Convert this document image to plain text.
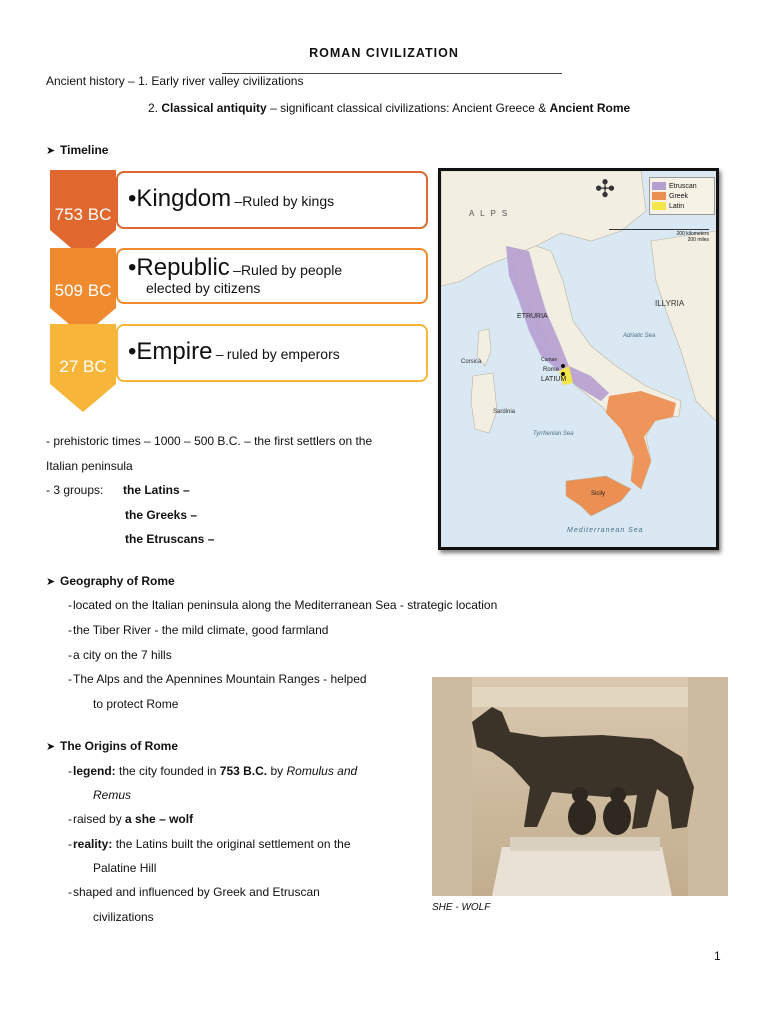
ROMAN CIVILIZATION
Ancient history – 1. Early river valley civilizations
2. Classical antiquity – significant classical civilizations: Ancient Greece & Ancient Rome
➤ Timeline
753 BC
509 BC
27 BC
•Kingdom –Ruled by kings
•Republic –Ruled by people
elected by citizens
•Empire – ruled by emperors
- prehistoric times – 1000 – 500 B.C. – the first settlers on the
Italian peninsula
- 3 groups: the Latins –
the Greeks –
the Etruscans –
✣	Etruscan
Greek
Latin
200 kilometers
200 miles
A L P S
ILLYRIA
ETRURIA
Corsica
Sardinia
Cumae
Rome
LATIUM
Adriatic Sea
Tyrrhenian Sea
Sicily
Mediterranean Sea
➤ Geography of Rome
- located on the Italian peninsula along the Mediterranean Sea - strategic location
- the Tiber River - the mild climate, good farmland
- a city on the 7 hills
- The Alps and the Apennines Mountain Ranges - helped
to protect Rome
➤ The Origins of Rome
- legend: the city founded in 753 B.C. by Romulus and
Remus
- raised by a she – wolf
- reality: the Latins built the original settlement on the
Palatine Hill
- shaped and influenced by Greek and Etruscan
civilizations
SHE - WOLF
1
